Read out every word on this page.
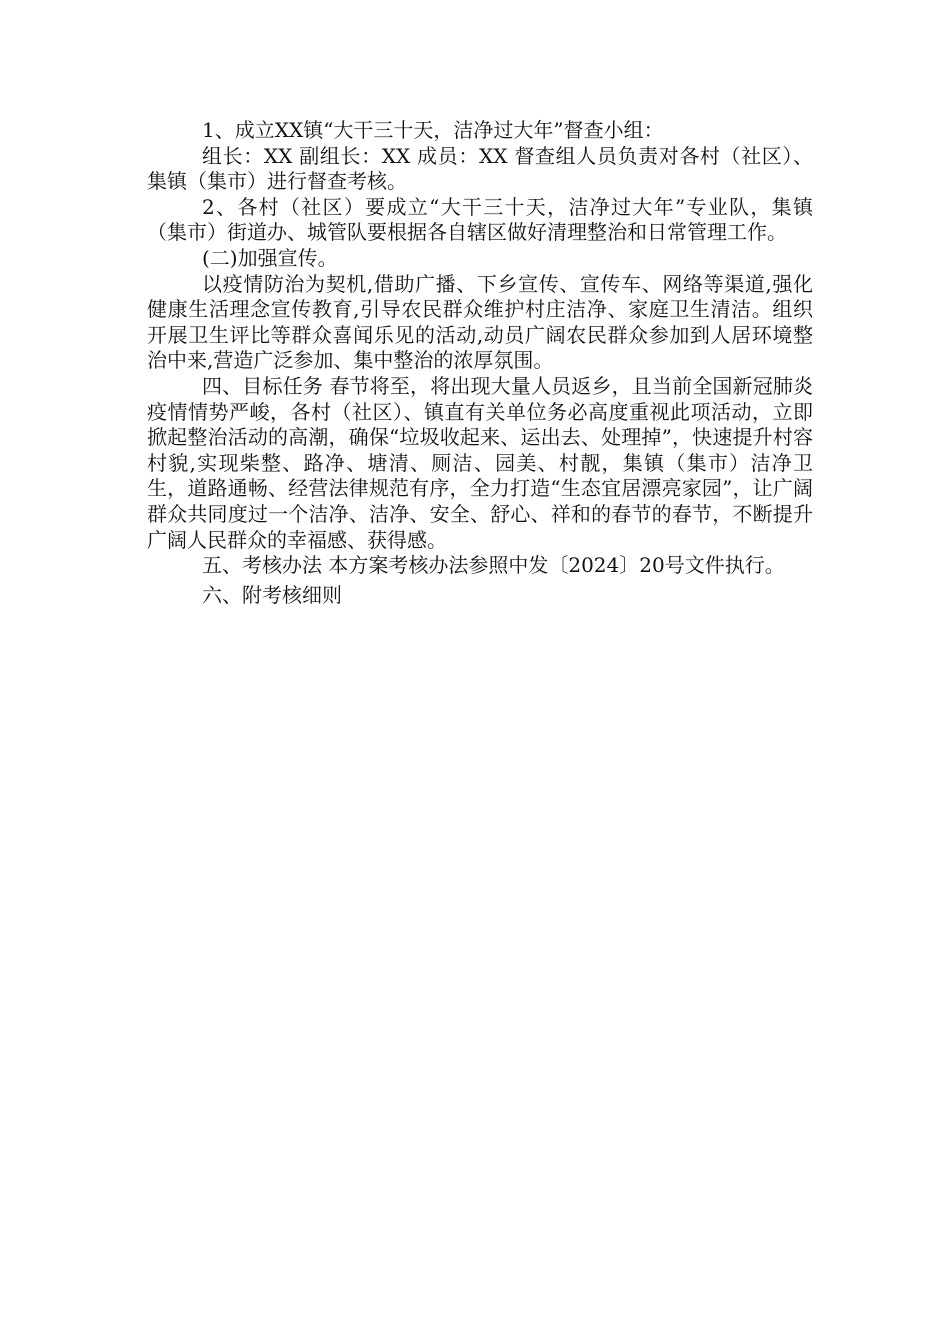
1、成立XX镇“大干三十天，洁净过大年”督查小组：

组长：XX 副组长：XX 成员：XX 督查组人员负责对各村（社区）、集镇（集市）进行督查考核。

2、各村（社区）要成立“大干三十天，洁净过大年”专业队，集镇（集市）街道办、城管队要根据各自辖区做好清理整治和日常管理工作。

(二)加强宣传。

以疫情防治为契机,借助广播、下乡宣传、宣传车、网络等渠道,强化健康生活理念宣传教育,引导农民群众维护村庄洁净、家庭卫生清洁。组织开展卫生评比等群众喜闻乐见的活动,动员广阔农民群众参加到人居环境整治中来,营造广泛参加、集中整治的浓厚氛围。

四、目标任务 春节将至，将出现大量人员返乡，且当前全国新冠肺炎疫情情势严峻，各村（社区）、镇直有关单位务必高度重视此项活动，立即掀起整治活动的高潮，确保“垃圾收起来、运出去、处理掉”，快速提升村容村貌,实现柴整、路净、塘清、厕洁、园美、村靓，集镇（集市）洁净卫生，道路通畅、经营法律规范有序，全力打造“生态宜居漂亮家园”，让广阔群众共同度过一个洁净、洁净、安全、舒心、祥和的春节的春节，不断提升广阔人民群众的幸福感、获得感。

五、考核办法 本方案考核办法参照中发〔2024〕20号文件执行。

六、附考核细则
